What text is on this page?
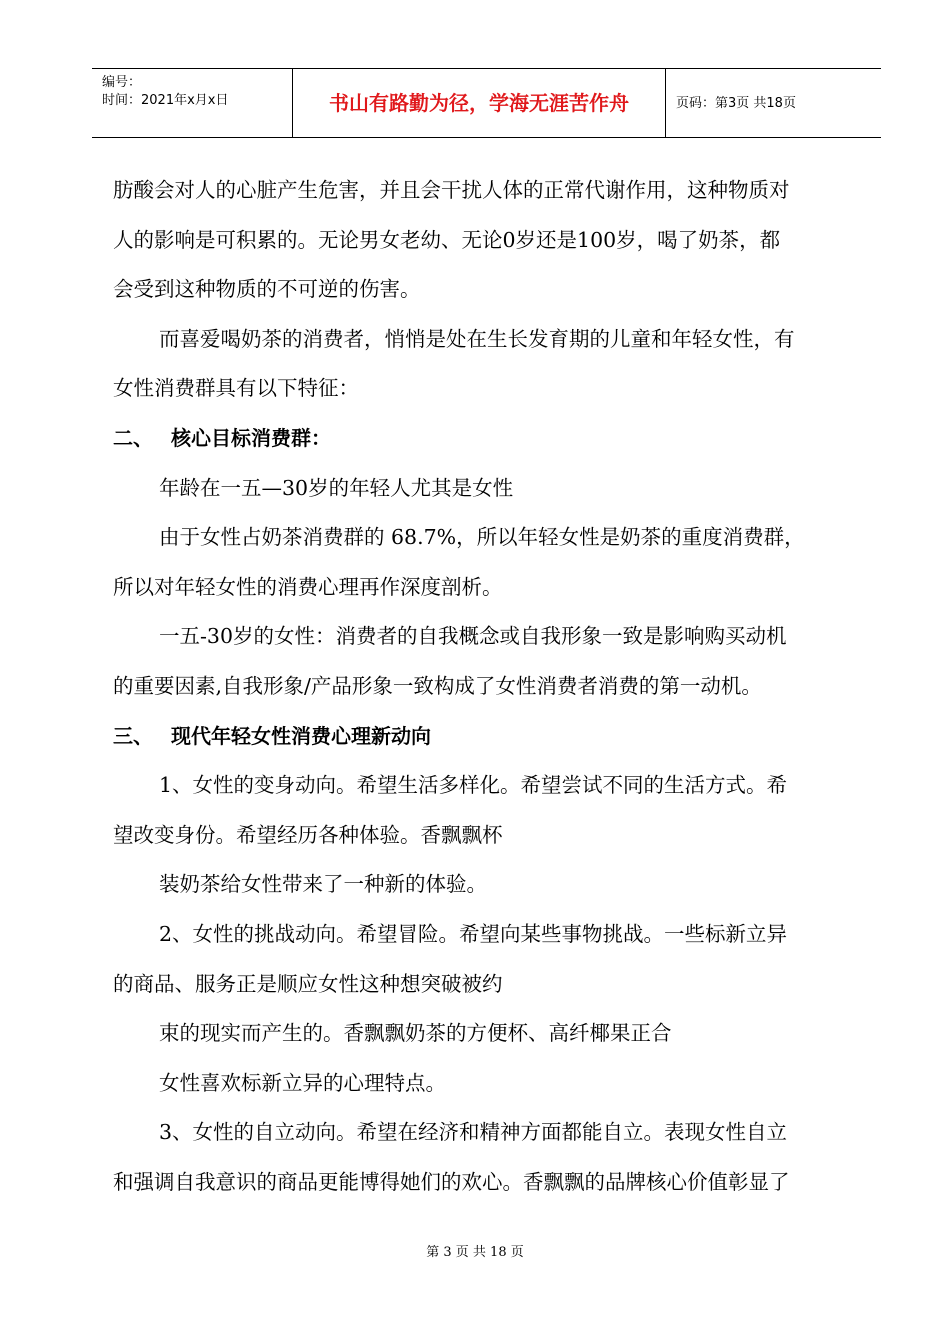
编号：
时间：2021年x月x日	书山有路勤为径，学海无涯苦作舟	页码：第3页 共18页
肪酸会对人的心脏产生危害，并且会干扰人体的正常代谢作用，这种物质对
人的影响是可积累的。无论男女老幼、无论0岁还是100岁，喝了奶茶，都
会受到这种物质的不可逆的伤害。
而喜爱喝奶茶的消费者，悄悄是处在生长发育期的儿童和年轻女性，有
女性消费群具有以下特征：
二、 核心目标消费群：
年龄在一五—30岁的年轻人尤其是女性
由于女性占奶茶消费群的 68.7%，所以年轻女性是奶茶的重度消费群，
所以对年轻女性的消费心理再作深度剖析。
一五-30岁的女性：消费者的自我概念或自我形象一致是影响购买动机
的重要因素,自我形象/产品形象一致构成了女性消费者消费的第一动机。
三、 现代年轻女性消费心理新动向
1、女性的变身动向。希望生活多样化。希望尝试不同的生活方式。希
望改变身份。希望经历各种体验。香飘飘杯
装奶茶给女性带来了一种新的体验。
2、女性的挑战动向。希望冒险。希望向某些事物挑战。一些标新立异
的商品、服务正是顺应女性这种想突破被约
束的现实而产生的。香飘飘奶茶的方便杯、高纤椰果正合
女性喜欢标新立异的心理特点。
3、女性的自立动向。希望在经济和精神方面都能自立。表现女性自立
和强调自我意识的商品更能博得她们的欢心。香飘飘的品牌核心价值彰显了
第 3 页 共 18 页
